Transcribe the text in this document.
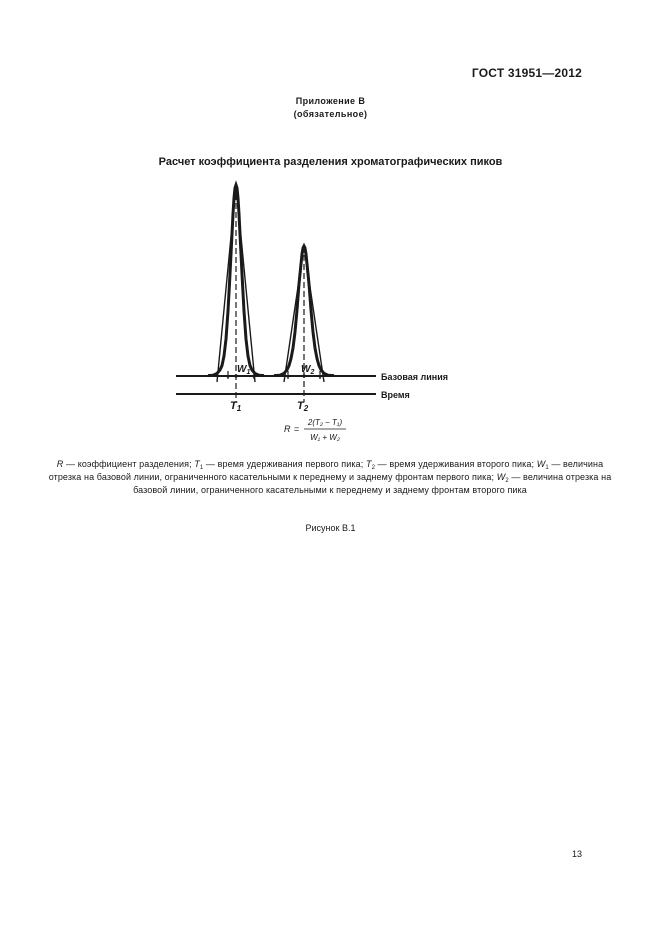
ГОСТ 31951—2012
Приложение В
(обязательное)
Расчет коэффициента разделения хроматографических пиков
$W_1$	$W_2$
T1	T2
Базовая линия
Время
R =
2(T₂ − T₁)
W₁ + W₂
R — коэффициент разделения; $T_1$ — время удерживания первого пика; $T_2$ — время удерживания второго пика; $W_1$ — величина отрезка на базовой линии, ограниченного касательными к переднему и заднему фронтам первого пика; $W_2$ — величина отрезка на базовой линии, ограниченного касательными к переднему и заднему фронтам второго пика
Рисунок В.1
13
